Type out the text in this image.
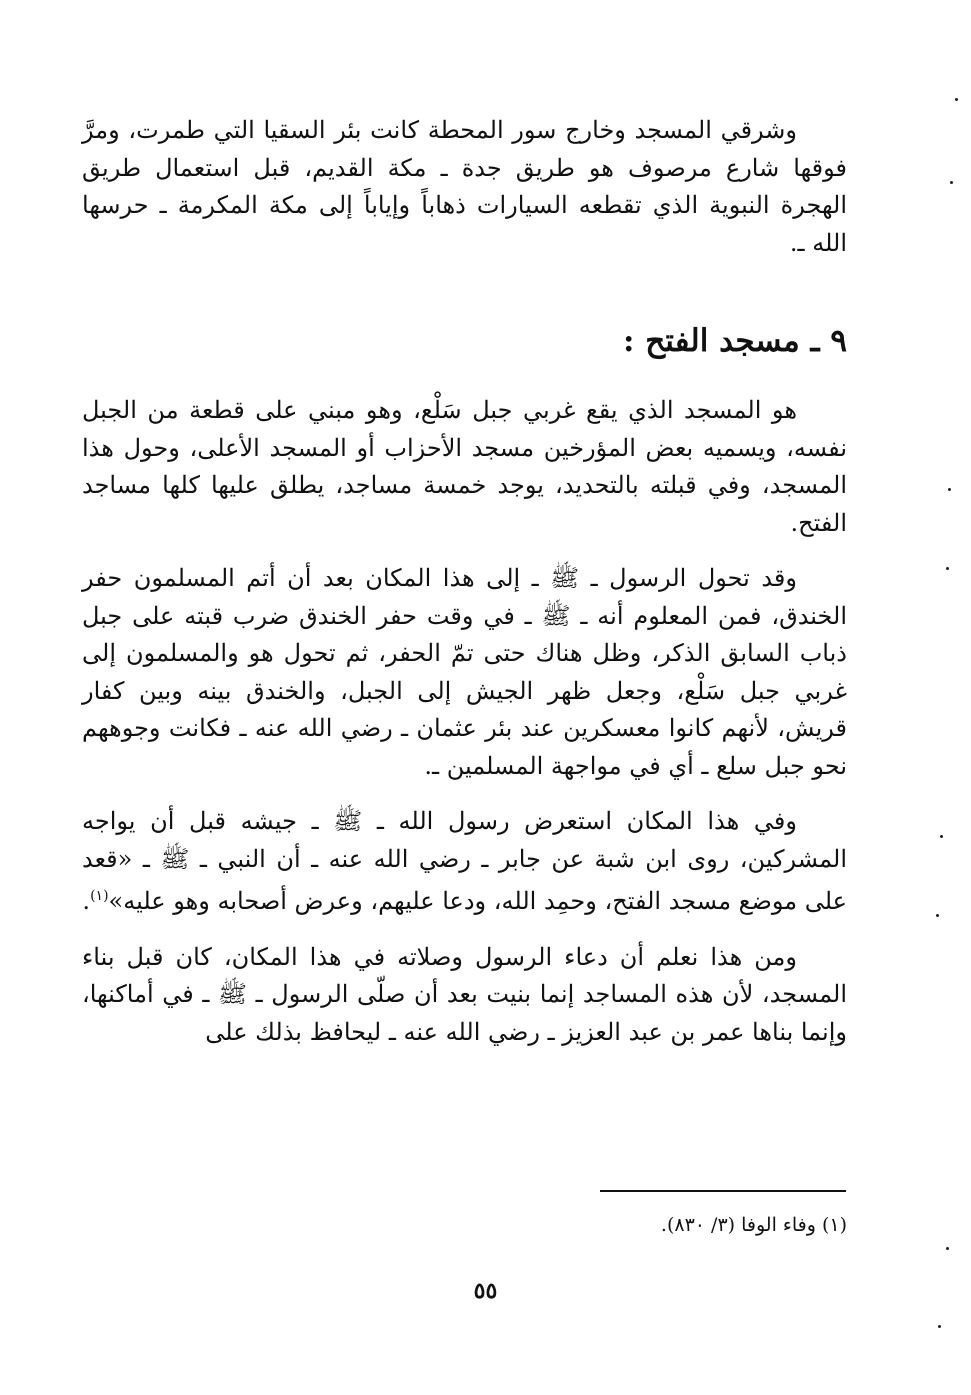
وشرقي المسجد وخارج سور المحطة كانت بئر السقيا التي طمرت، ومرَّ فوقها شارع مرصوف هو طريق جدة ـ مكة القديم، قبل استعمال طريق الهجرة النبوية الذي تقطعه السيارات ذهاباً وإياباً إلى مكة المكرمة ـ حرسها الله ـ.

٩ ـ مسجد الفتح :

هو المسجد الذي يقع غربي جبل سَلْع، وهو مبني على قطعة من الجبل نفسه، ويسميه بعض المؤرخين مسجد الأحزاب أو المسجد الأعلى، وحول هذا المسجد، وفي قبلته بالتحديد، يوجد خمسة مساجد، يطلق عليها كلها مساجد الفتح.

وقد تحول الرسول ـ ﷺ ـ إلى هذا المكان بعد أن أتم المسلمون حفر الخندق، فمن المعلوم أنه ـ ﷺ ـ في وقت حفر الخندق ضرب قبته على جبل ذباب السابق الذكر، وظل هناك حتى تمّ الحفر، ثم تحول هو والمسلمون إلى غربي جبل سَلْع، وجعل ظهر الجيش إلى الجبل، والخندق بينه وبين كفار قريش، لأنهم كانوا معسكرين عند بئر عثمان ـ رضي الله عنه ـ فكانت وجوههم نحو جبل سلع ـ أي في مواجهة المسلمين ـ.

وفي هذا المكان استعرض رسول الله ـ ﷺ ـ جيشه قبل أن يواجه المشركين، روى ابن شبة عن جابر ـ رضي الله عنه ـ أن النبي ـ ﷺ ـ «قعد على موضع مسجد الفتح، وحمِد الله، ودعا عليهم، وعرض أصحابه وهو عليه»$^{(١)}$.

ومن هذا نعلم أن دعاء الرسول وصلاته في هذا المكان، كان قبل بناء المسجد، لأن هذه المساجد إنما بنيت بعد أن صلّى الرسول ـ ﷺ ـ في أماكنها، وإنما بناها عمر بن عبد العزيز ـ رضي الله عنه ـ ليحافظ بذلك على

(١) وفاء الوفا (٣/ ٨٣٠).
٥٥
